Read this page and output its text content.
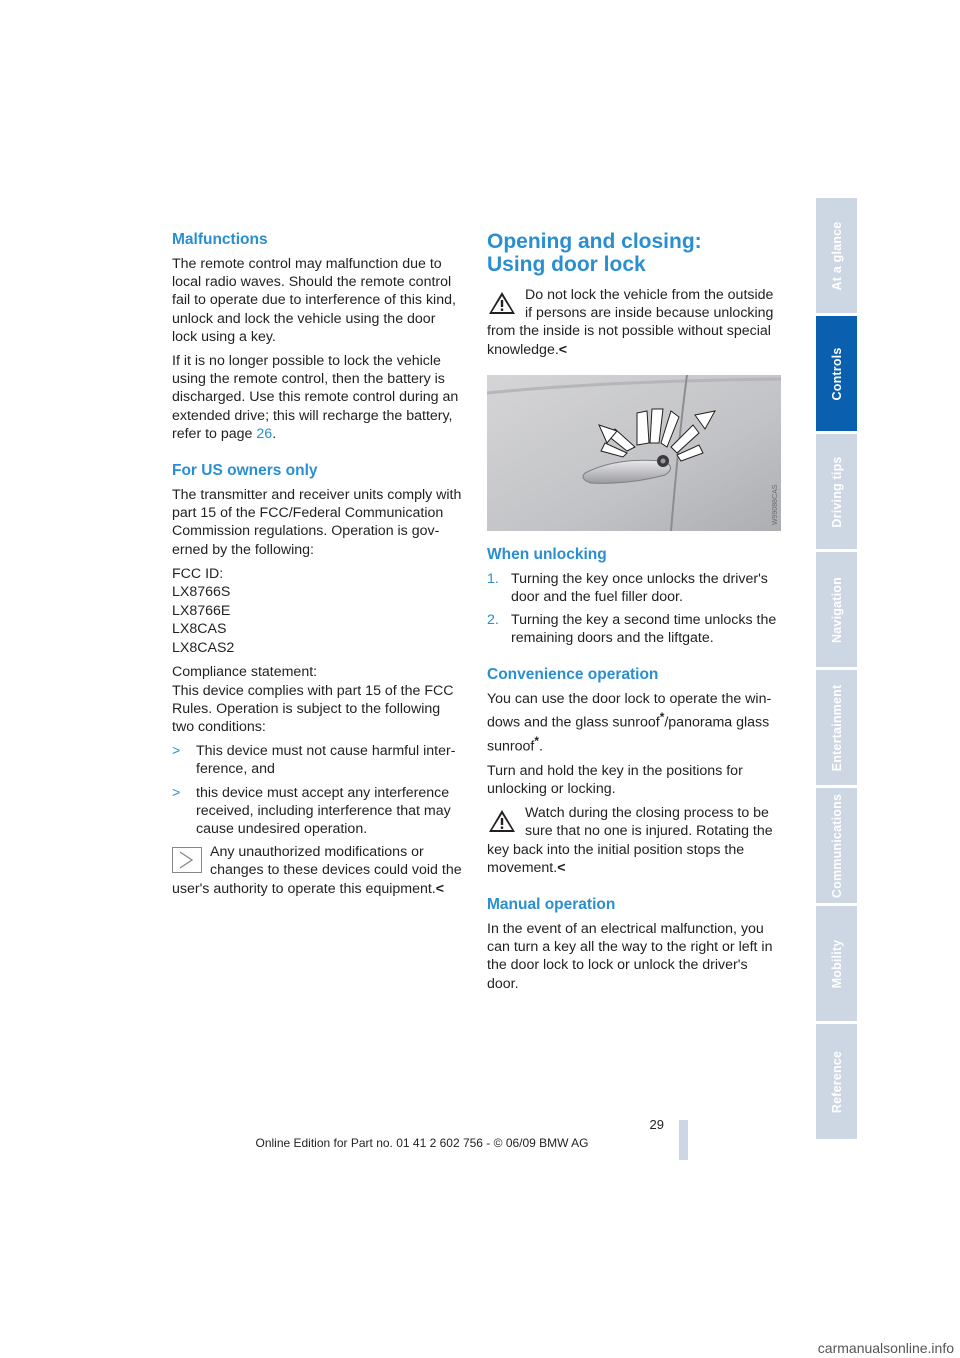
Malfunctions

The remote control may malfunction due to local radio waves. Should the remote control fail to operate due to interference of this kind, unlock and lock the vehicle using the door lock using a key.

If it is no longer possible to lock the vehicle using the remote control, then the battery is discharged. Use this remote control during an extended drive; this will recharge the battery, refer to page 26.

For US owners only

The transmitter and receiver units comply with part 15 of the FCC/Federal Communication Commission regulations. Operation is gov-erned by the following:

FCC ID:
LX8766S
LX8766E
LX8CAS
LX8CAS2

Compliance statement:
This device complies with part 15 of the FCC Rules. Operation is subject to the following two conditions:

> This device must not cause harmful inter-ference, and
> this device must accept any interference received, including interference that may cause undesired operation.
Any unauthorized modifications or changes to these devices could void the user's authority to operate this equipment.<
Opening and closing:
Using door lock
Do not lock the vehicle from the outside if persons are inside because unlocking from the inside is not possible without special knowledge.<
W99088CAS
When unlocking
1. Turning the key once unlocks the driver's door and the fuel filler door.
2. Turning the key a second time unlocks the remaining doors and the liftgate.
Convenience operation

You can use the door lock to operate the win-dows and the glass sunroof*/panorama glass sunroof*.

Turn and hold the key in the positions for unlocking or locking.

Watch during the closing process to be sure that no one is injured. Rotating the key back into the initial position stops the movement.<
Manual operation

In the event of an electrical malfunction, you can turn a key all the way to the right or left in the door lock to lock or unlock the driver's door.

At a glance
Controls
Driving tips
Navigation
Entertainment
Communications
Mobility
Reference
29
Online Edition for Part no. 01 41 2 602 756 - © 06/09 BMW AG
carmanualsonline.info
